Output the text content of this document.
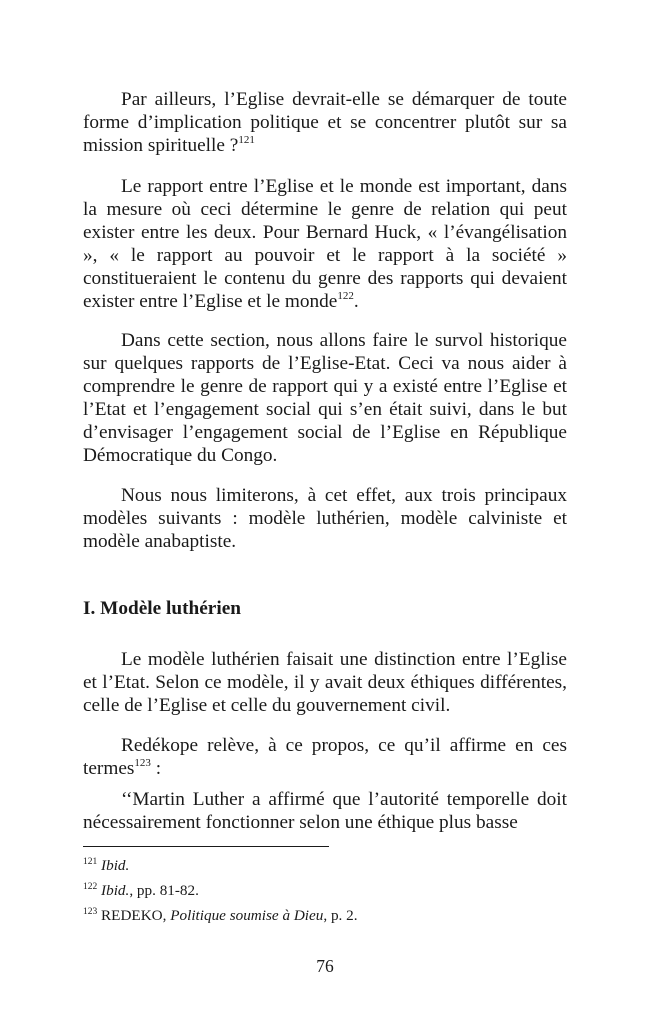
Par ailleurs, l’Eglise devrait-elle se démarquer de toute forme d’implication politique et se concentrer plutôt sur sa mission spirituelle ?$^{121}$

Le rapport entre l’Eglise et le monde est important, dans la mesure où ceci détermine le genre de relation qui peut exister entre les deux. Pour Bernard Huck, « l’évangélisation », « le rapport au pouvoir et le rapport à la société » constitueraient le contenu du genre des rapports qui devaient exister entre l’Eglise et le monde$^{122}$.

Dans cette section, nous allons faire le survol historique sur quelques rapports de l’Eglise-Etat. Ceci va nous aider à comprendre le genre de rapport qui y a existé entre l’Eglise et l’Etat et l’engagement social qui s’en était suivi, dans le but d’envisager l’engagement social de l’Eglise en République Démocratique du Congo.

Nous nous limiterons, à cet effet, aux trois principaux modèles suivants : modèle luthérien, modèle calviniste et modèle anabaptiste.

I. Modèle luthérien

Le modèle luthérien faisait une distinction entre l’Eglise et l’Etat. Selon ce modèle, il y avait deux éthiques différentes, celle de l’Eglise et celle du gouvernement civil.

Redékope relève, à ce propos, ce qu’il affirme en ces termes$^{123}$ :

‘‘Martin Luther a affirmé que l’autorité temporelle doit nécessairement fonctionner selon une éthique plus basse

$^{121}$ Ibid.
$^{122}$ Ibid., pp. 81-82.
$^{123}$ REDEKO, Politique soumise à Dieu, p. 2.
76
